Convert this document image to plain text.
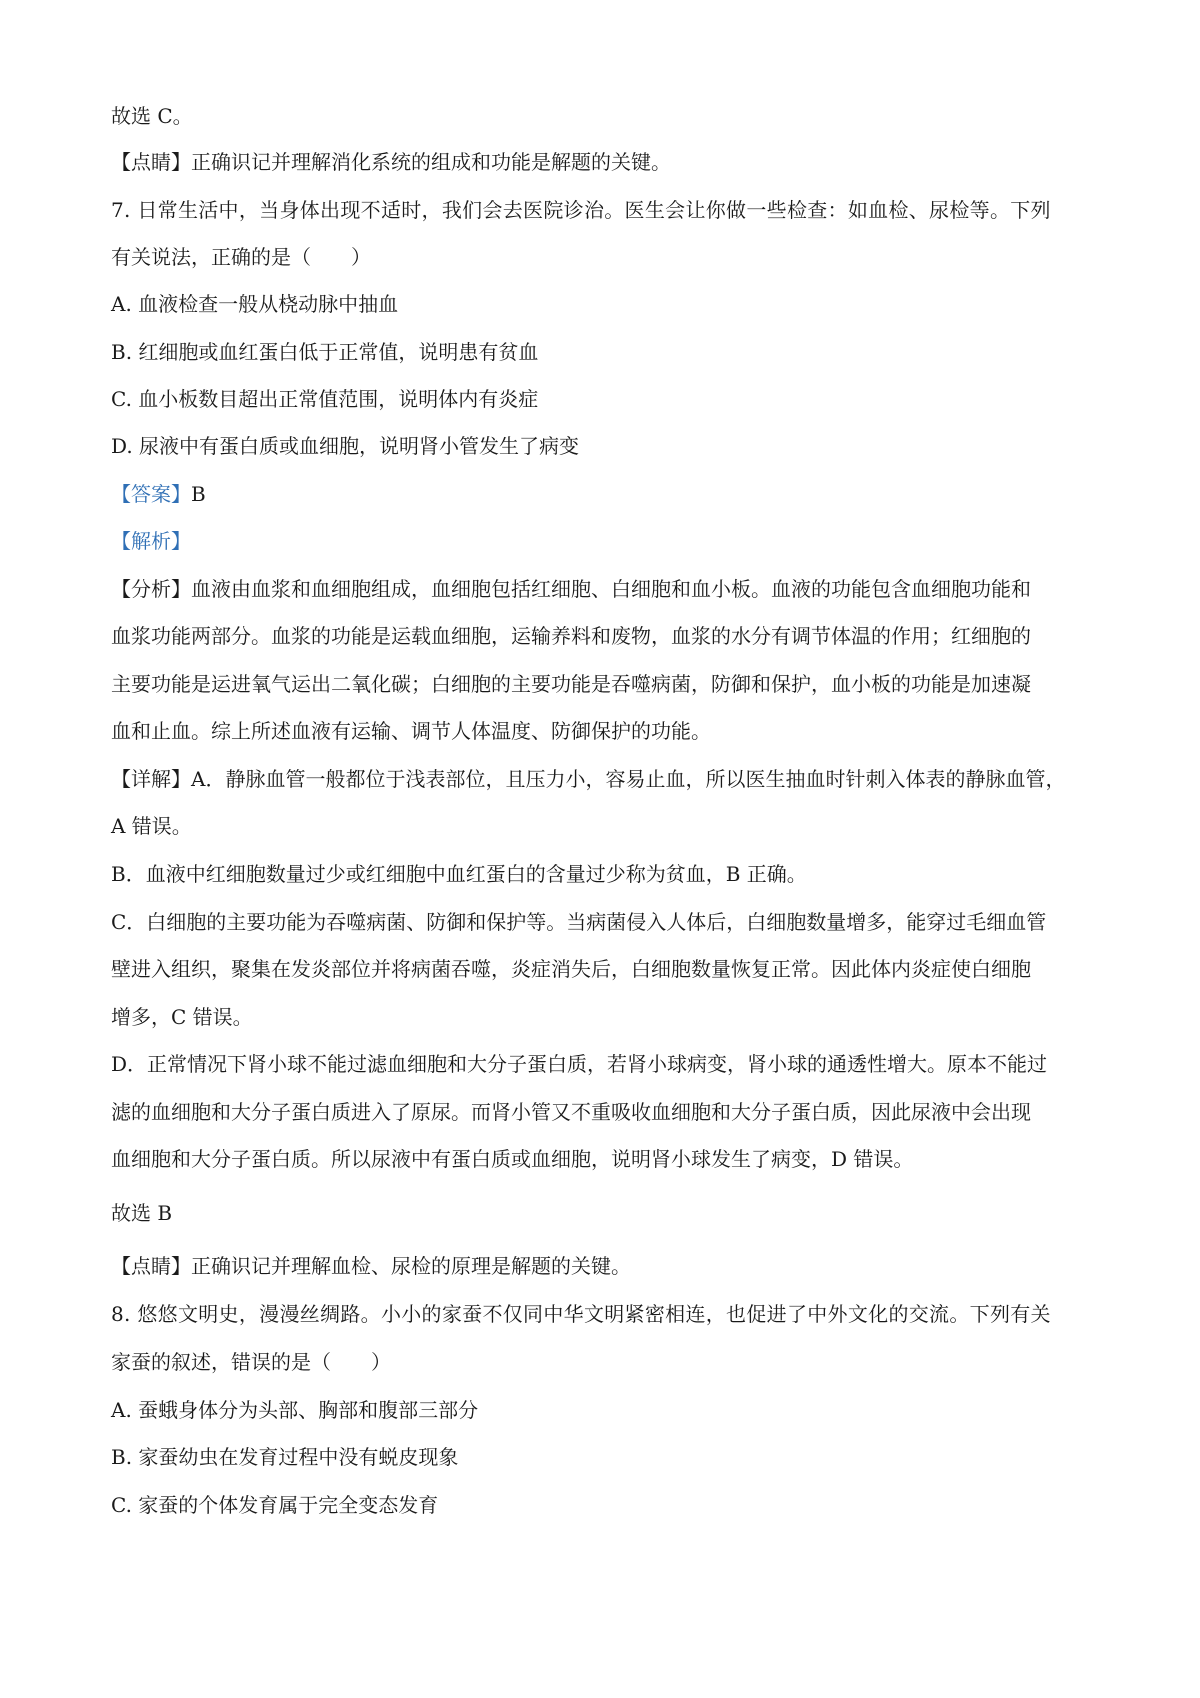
故选 C。
【点睛】正确识记并理解消化系统的组成和功能是解题的关键。
7. 日常生活中，当身体出现不适时，我们会去医院诊治。医生会让你做一些检查：如血检、尿检等。下列
有关说法，正确的是（　　）
A. 血液检查一般从桡动脉中抽血
B. 红细胞或血红蛋白低于正常值，说明患有贫血
C. 血小板数目超出正常值范围，说明体内有炎症
D. 尿液中有蛋白质或血细胞，说明肾小管发生了病变
【答案】B
【解析】
【分析】血液由血浆和血细胞组成，血细胞包括红细胞、白细胞和血小板。血液的功能包含血细胞功能和
血浆功能两部分。血浆的功能是运载血细胞，运输养料和废物，血浆的水分有调节体温的作用；红细胞的
主要功能是运进氧气运出二氧化碳；白细胞的主要功能是吞噬病菌，防御和保护，血小板的功能是加速凝
血和止血。综上所述血液有运输、调节人体温度、防御保护的功能。
【详解】A．静脉血管一般都位于浅表部位，且压力小，容易止血，所以医生抽血时针刺入体表的静脉血管，
A 错误。
B．血液中红细胞数量过少或红细胞中血红蛋白的含量过少称为贫血，B 正确。
C．白细胞的主要功能为吞噬病菌、防御和保护等。当病菌侵入人体后，白细胞数量增多，能穿过毛细血管
壁进入组织，聚集在发炎部位并将病菌吞噬，炎症消失后，白细胞数量恢复正常。因此体内炎症使白细胞
增多，C 错误。
D．正常情况下肾小球不能过滤血细胞和大分子蛋白质，若肾小球病变，肾小球的通透性增大。原本不能过
滤的血细胞和大分子蛋白质进入了原尿。而肾小管又不重吸收血细胞和大分子蛋白质，因此尿液中会出现
血细胞和大分子蛋白质。所以尿液中有蛋白质或血细胞，说明肾小球发生了病变，D 错误。
故选 B
【点睛】正确识记并理解血检、尿检的原理是解题的关键。
8. 悠悠文明史，漫漫丝绸路。小小的家蚕不仅同中华文明紧密相连，也促进了中外文化的交流。下列有关
家蚕的叙述，错误的是（　　）
A. 蚕蛾身体分为头部、胸部和腹部三部分
B. 家蚕幼虫在发育过程中没有蜕皮现象
C. 家蚕的个体发育属于完全变态发育
